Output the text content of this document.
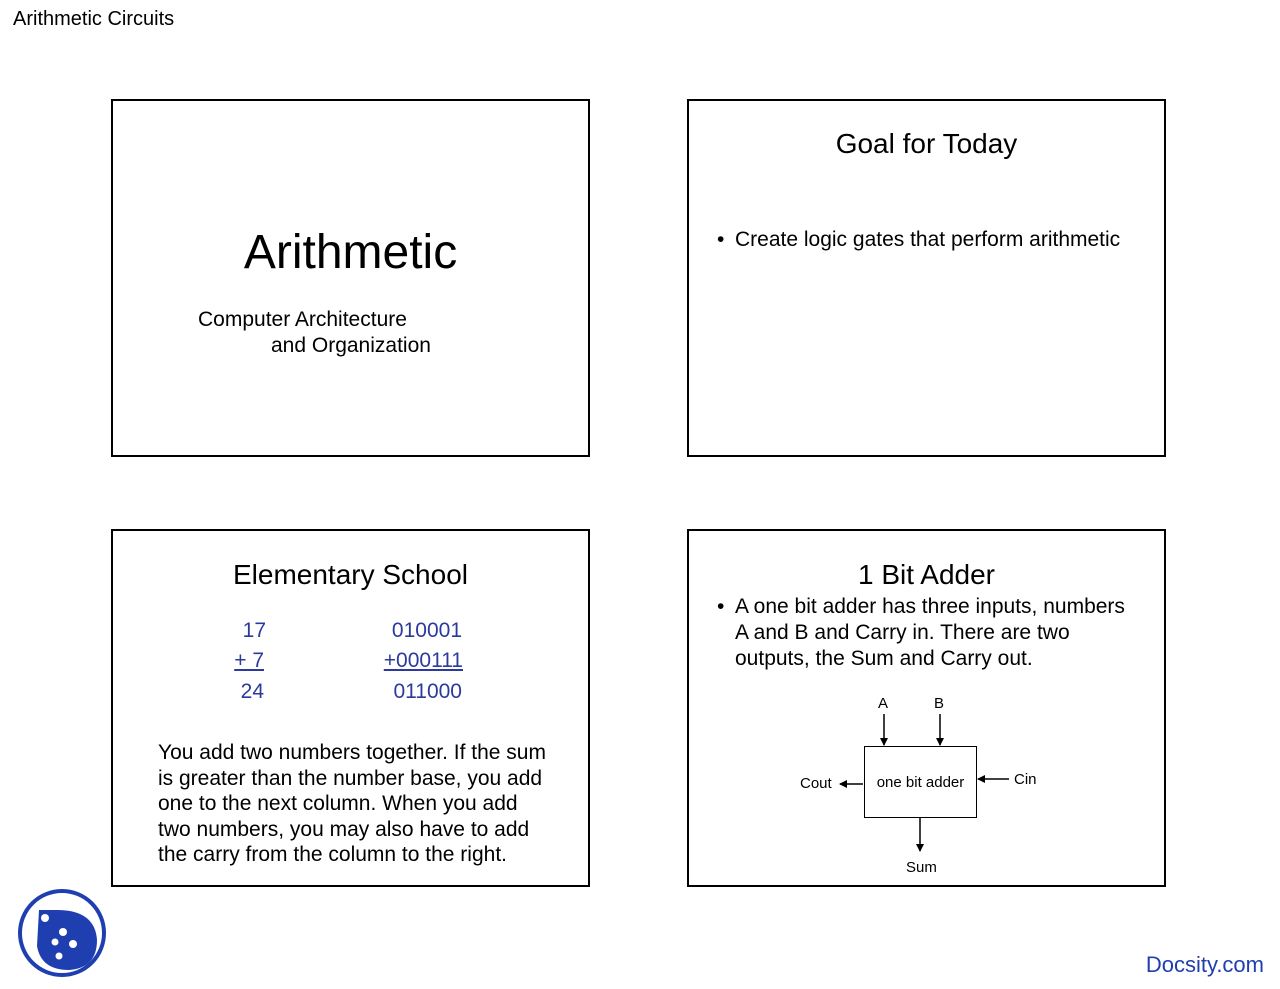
Arithmetic Circuits
Arithmetic
Computer Architecture
and Organization
Goal for Today
• Create logic gates that perform arithmetic
Elementary School
17
+ 7
24
010001
+000111
011000
You add two numbers together. If the sum
is greater than the number base, you add
one to the next column. When you add
two numbers, you may also have to add
the carry from the column to the right.
1 Bit Adder
• A one bit adder has three inputs, numbers
A and B and Carry in. There are two
outputs, the Sum and Carry out.
one bit adder
A	B
Cin
Cout
Sum
Docsity.com
